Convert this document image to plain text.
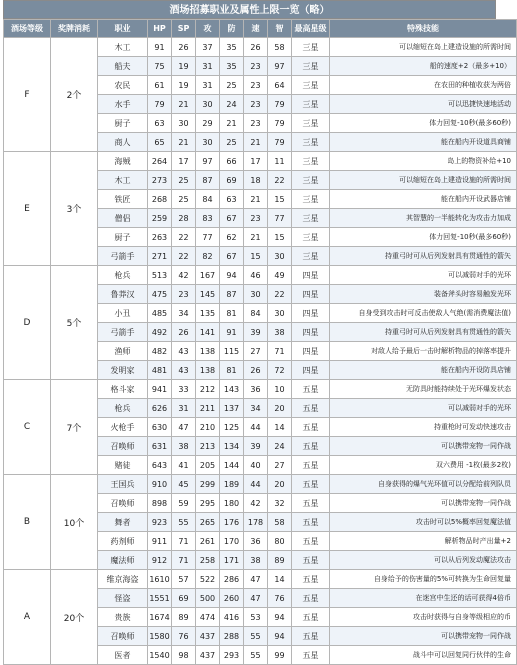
酒场招募职业及属性上限一览（略）
酒场等级	奖牌消耗	职业	HP	SP	攻	防	速	智	最高星级	特殊技能
F	2个	木工	91	26	37	35	26	58	三星	可以缩短在岛上建造设施的所需时间
		船夫	75	19	31	35	23	97	三星	船的速度+2（最多+10）
		农民	61	19	31	25	23	64	三星	在农田的种植收获为两倍
		水手	79	21	30	24	23	79	三星	可以迅捷快速地活动
		厨子	63	30	29	21	23	79	三星	体力回复-10秒(最多60秒)
		商人	65	21	30	25	21	79	三星	能在船内开设道具商铺
E	3个	海贼	264	17	97	66	17	11	三星	岛上的物资补给+10
		木工	273	25	87	69	18	22	三星	可以缩短在岛上建造设施的所需时间
		铁匠	268	25	84	63	21	15	三星	能在船内开设武器店铺
		僧侣	259	28	83	67	23	77	三星	其智慧的一半能转化为攻击力加成
		厨子	263	22	77	62	21	15	三星	体力回复-10秒(最多60秒)
		弓箭手	271	22	82	67	15	30	三星	持重弓时可从后列发射具有贯通性的箭矢
D	5个	枪兵	513	42	167	94	46	49	四星	可以减弱对手的光环
		鲁莽汉	475	23	145	87	30	22	四星	装备斧头时容易触发光环
		小丑	485	34	135	81	84	30	四星	自身受到攻击时可反击使敌人气绝(需消费魔法值)
		弓箭手	492	26	141	91	39	38	四星	持重弓时可从后列发射具有贯通性的箭矢
		渔师	482	43	138	115	27	71	四星	对敌人给予最后一击时解析物品的掉落率提升
		发明家	481	43	138	81	26	72	四星	能在船内开设防具店铺
C	7个	格斗家	941	33	212	143	36	10	五星	无防具时能持续处于光环爆发状态
		枪兵	626	31	211	137	34	20	五星	可以减弱对手的光环
		火枪手	630	47	210	125	44	14	五星	持重枪时可发动快速攻击
		召唤师	631	38	213	134	39	24	五星	可以携带宠物一同作战
		赌徒	643	41	205	144	40	27	五星	双六费用 -1枚(最多2枚)
B	10个	王国兵	910	45	299	189	44	20	五星	自身获得的爆气光环值可以分配给前列队员
		召唤师	898	59	295	180	42	32	五星	可以携带宠物一同作战
		舞者	923	55	265	176	178	58	五星	攻击时可以5%概率回复魔法值
		药剂师	911	71	261	170	36	80	五星	解析物品时产出量+2
		魔法师	912	71	258	171	38	89	五星	可以从后列发动魔法攻击
A	20个	维京海盗	1610	57	522	286	47	14	五星	自身给予的伤害量的5%可转换为生命回复量
		怪盗	1551	69	500	260	47	76	五星	在迷宫中生还的话可获得4倍币
		贵族	1674	89	474	416	53	94	五星	攻击时获得与自身等级相应的币
		召唤师	1580	76	437	288	55	94	五星	可以携带宠物一同作战
		医者	1540	98	437	293	55	99	五星	战斗中可以回复同行伙伴的生命
